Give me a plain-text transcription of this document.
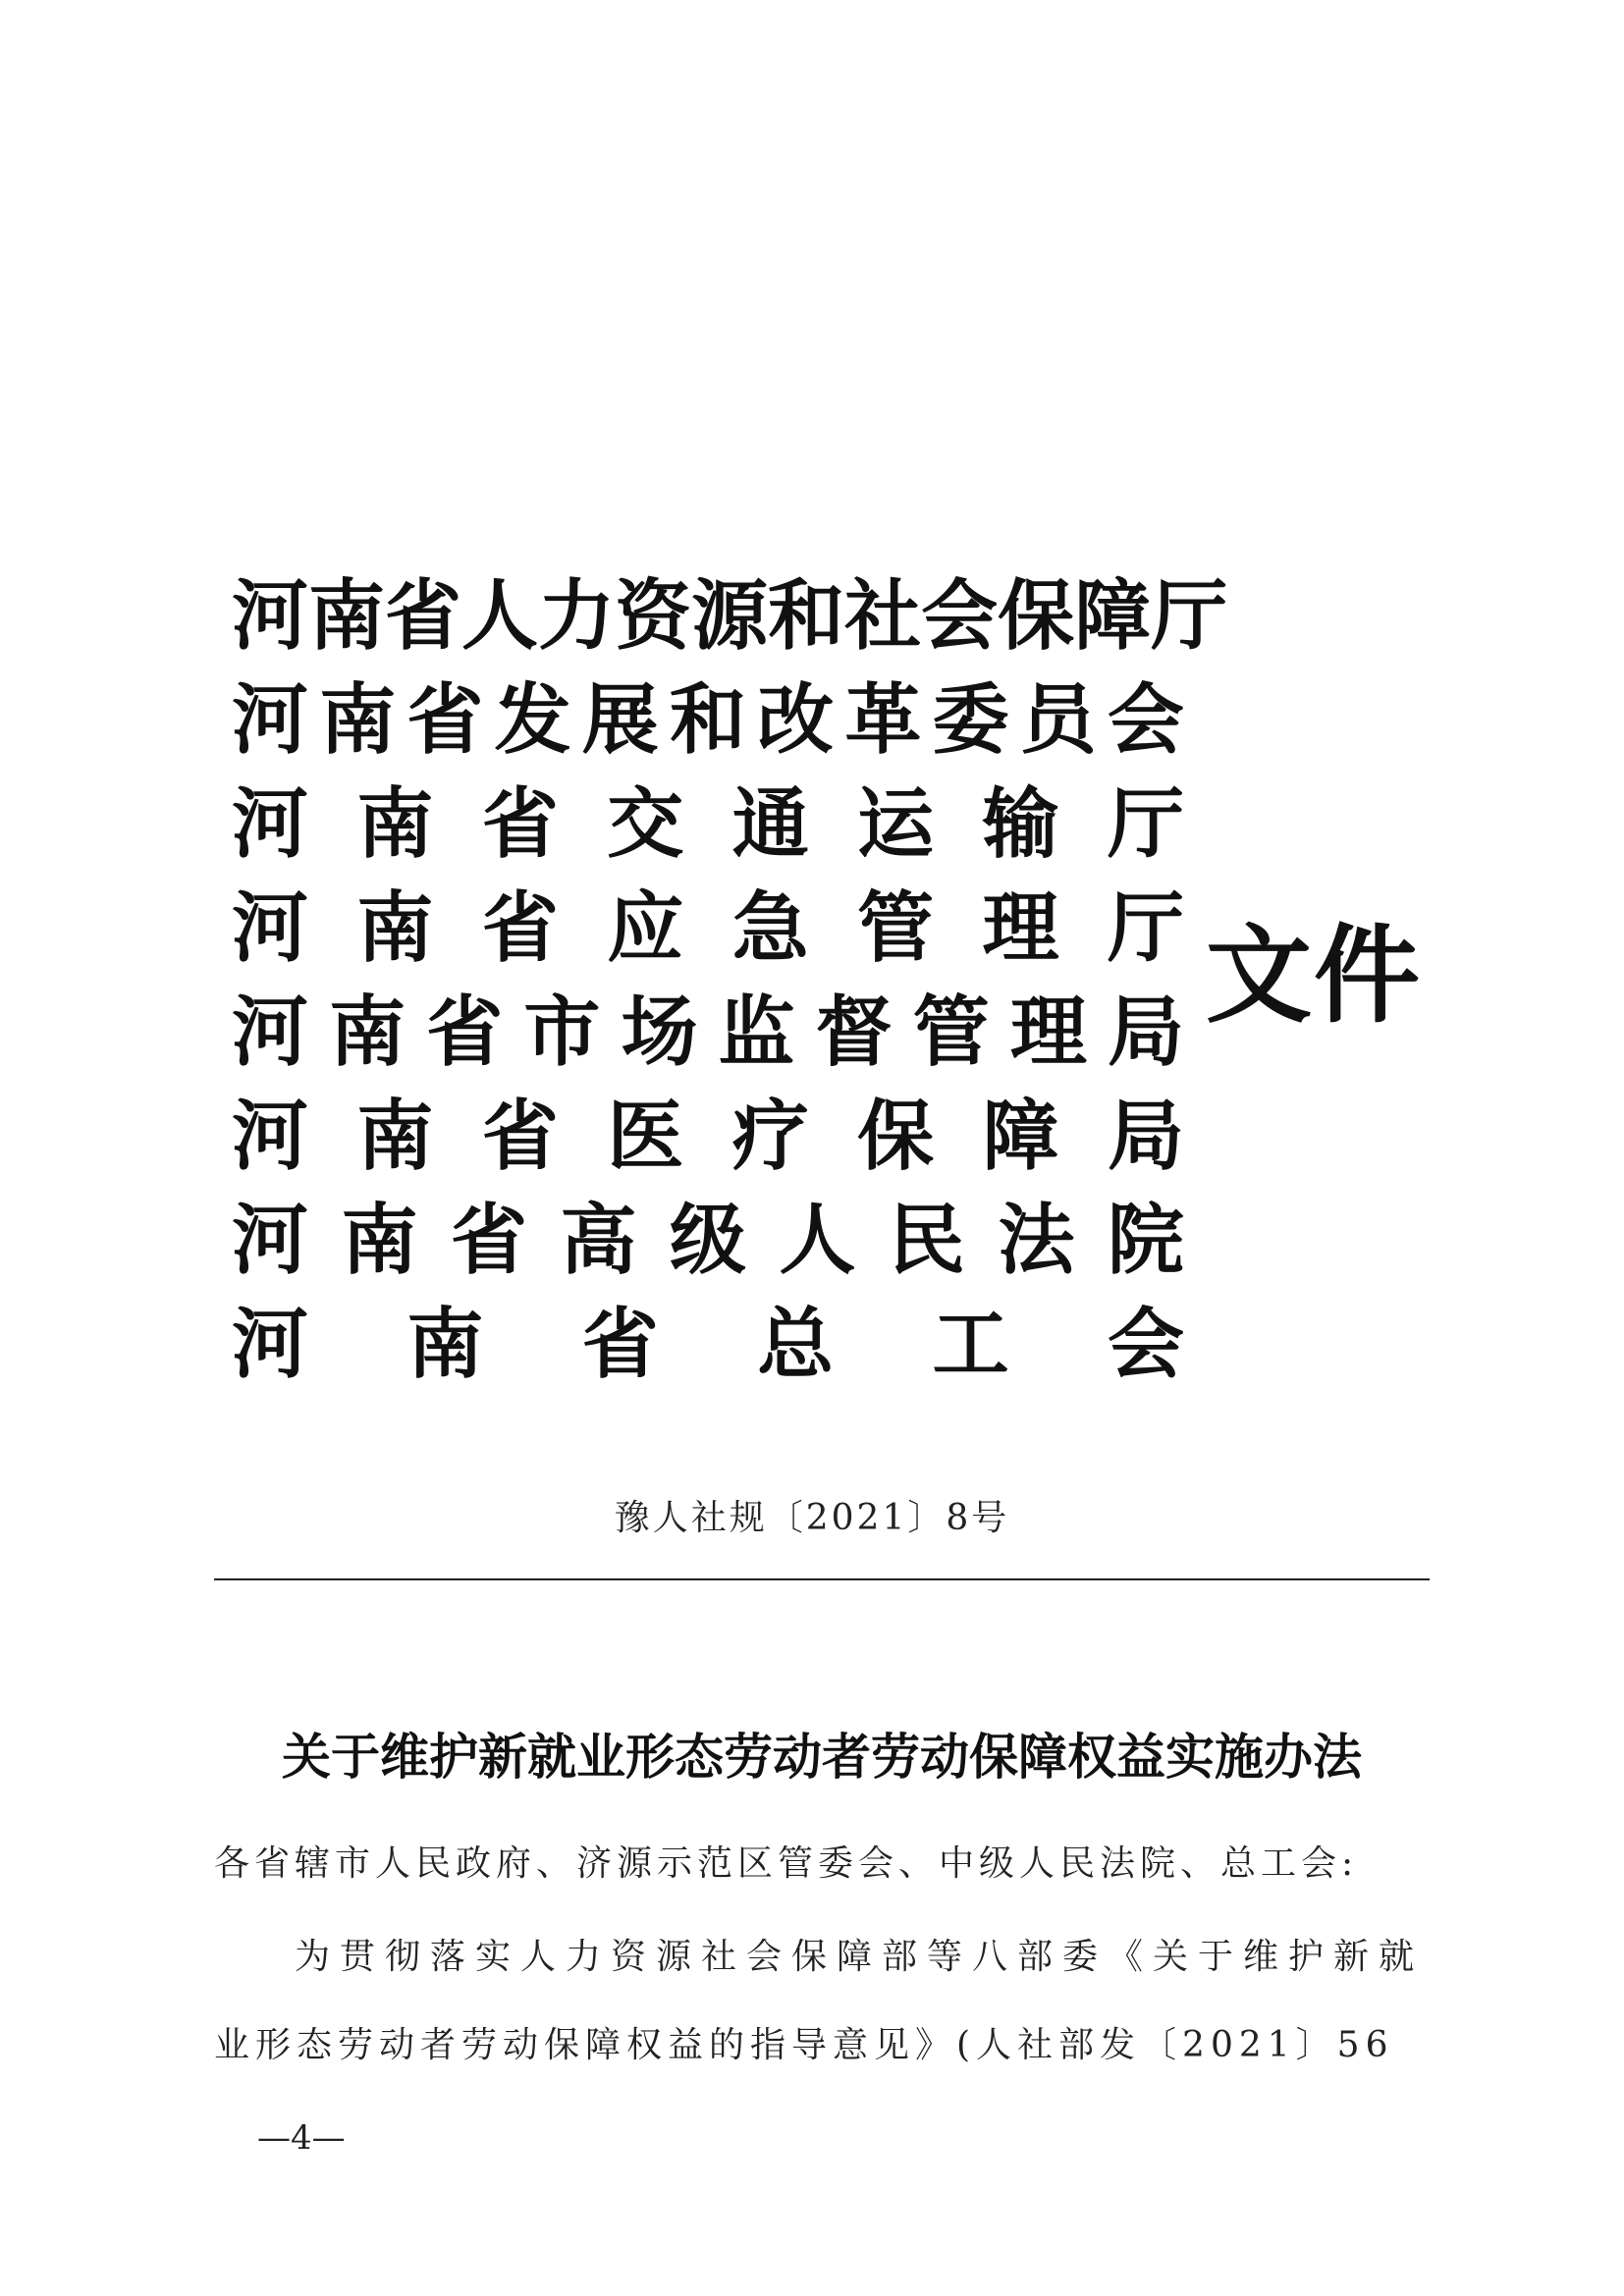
河 南 省 人 力 资 源 和 社 会 保 障 厅
河 南 省 发 展 和 改 革 委 员 会
河 南 省 交 通 运 输 厅
河 南 省 应 急 管 理 厅
河 南 省 市 场 监 督 管 理 局
河 南 省 医 疗 保 障 局
河 南 省 高 级 人 民 法 院
河 南 省 总 工 会
文件
豫人社规〔2021〕8号
关于维护新就业形态劳动者劳动保障权益实施办法
各省辖市人民政府、济源示范区管委会、中级人民法院、总工会:
为贯彻落实人力资源社会保障部等八部委《关于维护新就
业形态劳动者劳动保障权益的指导意见》(人社部发〔2021〕56
—4—
